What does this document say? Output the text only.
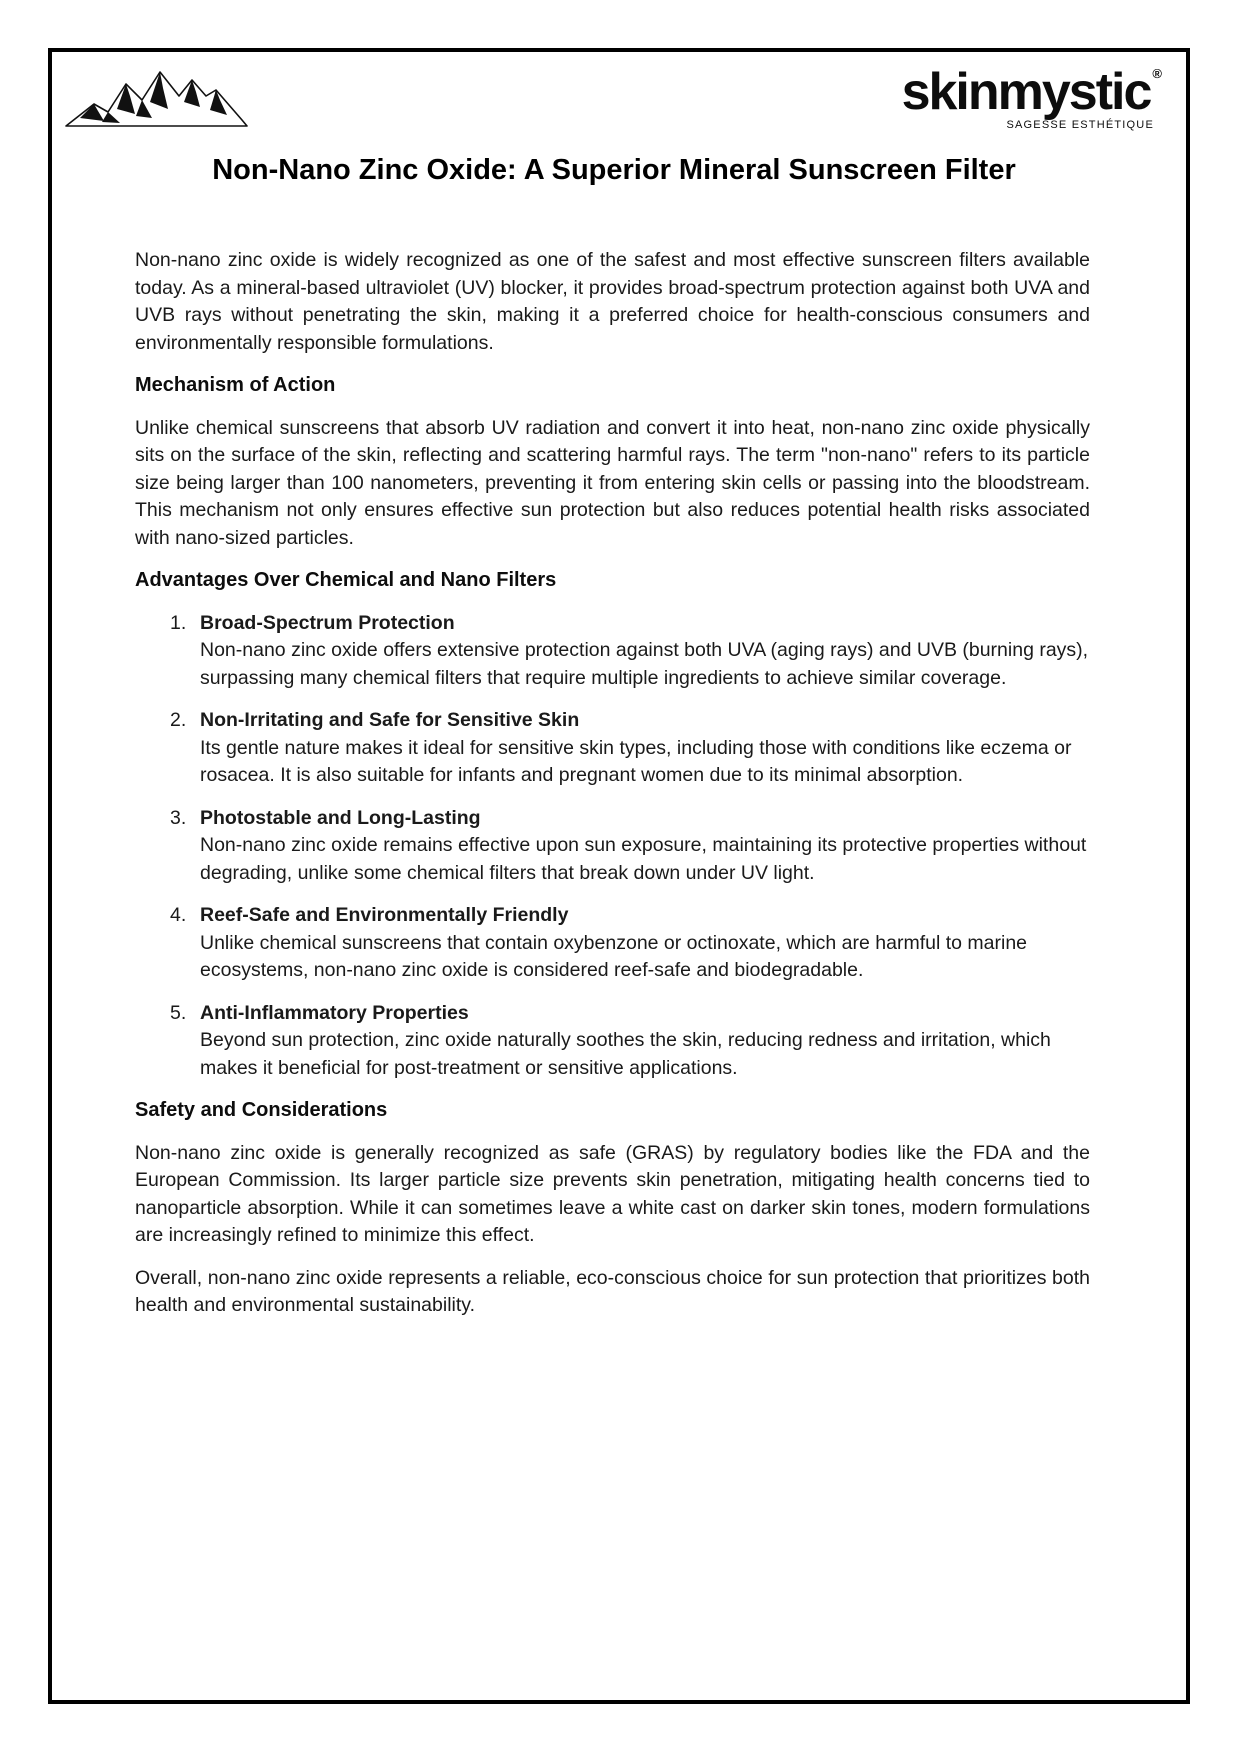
skinmystic ®
SAGESSE ESTHÉTIQUE
Non-Nano Zinc Oxide: A Superior Mineral Sunscreen Filter

Non-nano zinc oxide is widely recognized as one of the safest and most effective sunscreen filters available today. As a mineral-based ultraviolet (UV) blocker, it provides broad-spectrum protection against both UVA and UVB rays without penetrating the skin, making it a preferred choice for health-conscious consumers and environmentally responsible formulations.

Mechanism of Action

Unlike chemical sunscreens that absorb UV radiation and convert it into heat, non-nano zinc oxide physically sits on the surface of the skin, reflecting and scattering harmful rays. The term "non-nano" refers to its particle size being larger than 100 nanometers, preventing it from entering skin cells or passing into the bloodstream. This mechanism not only ensures effective sun protection but also reduces potential health risks associated with nano-sized particles.

Advantages Over Chemical and Nano Filters
1. Broad-Spectrum Protection
Non-nano zinc oxide offers extensive protection against both UVA (aging rays) and UVB (burning rays), surpassing many chemical filters that require multiple ingredients to achieve similar coverage.
2. Non-Irritating and Safe for Sensitive Skin
Its gentle nature makes it ideal for sensitive skin types, including those with conditions like eczema or rosacea. It is also suitable for infants and pregnant women due to its minimal absorption.
3. Photostable and Long-Lasting
Non-nano zinc oxide remains effective upon sun exposure, maintaining its protective properties without degrading, unlike some chemical filters that break down under UV light.
4. Reef-Safe and Environmentally Friendly
Unlike chemical sunscreens that contain oxybenzone or octinoxate, which are harmful to marine ecosystems, non-nano zinc oxide is considered reef-safe and biodegradable.
5. Anti-Inflammatory Properties
Beyond sun protection, zinc oxide naturally soothes the skin, reducing redness and irritation, which makes it beneficial for post-treatment or sensitive applications.
Safety and Considerations

Non-nano zinc oxide is generally recognized as safe (GRAS) by regulatory bodies like the FDA and the European Commission. Its larger particle size prevents skin penetration, mitigating health concerns tied to nanoparticle absorption. While it can sometimes leave a white cast on darker skin tones, modern formulations are increasingly refined to minimize this effect.

Overall, non-nano zinc oxide represents a reliable, eco-conscious choice for sun protection that prioritizes both health and environmental sustainability.
